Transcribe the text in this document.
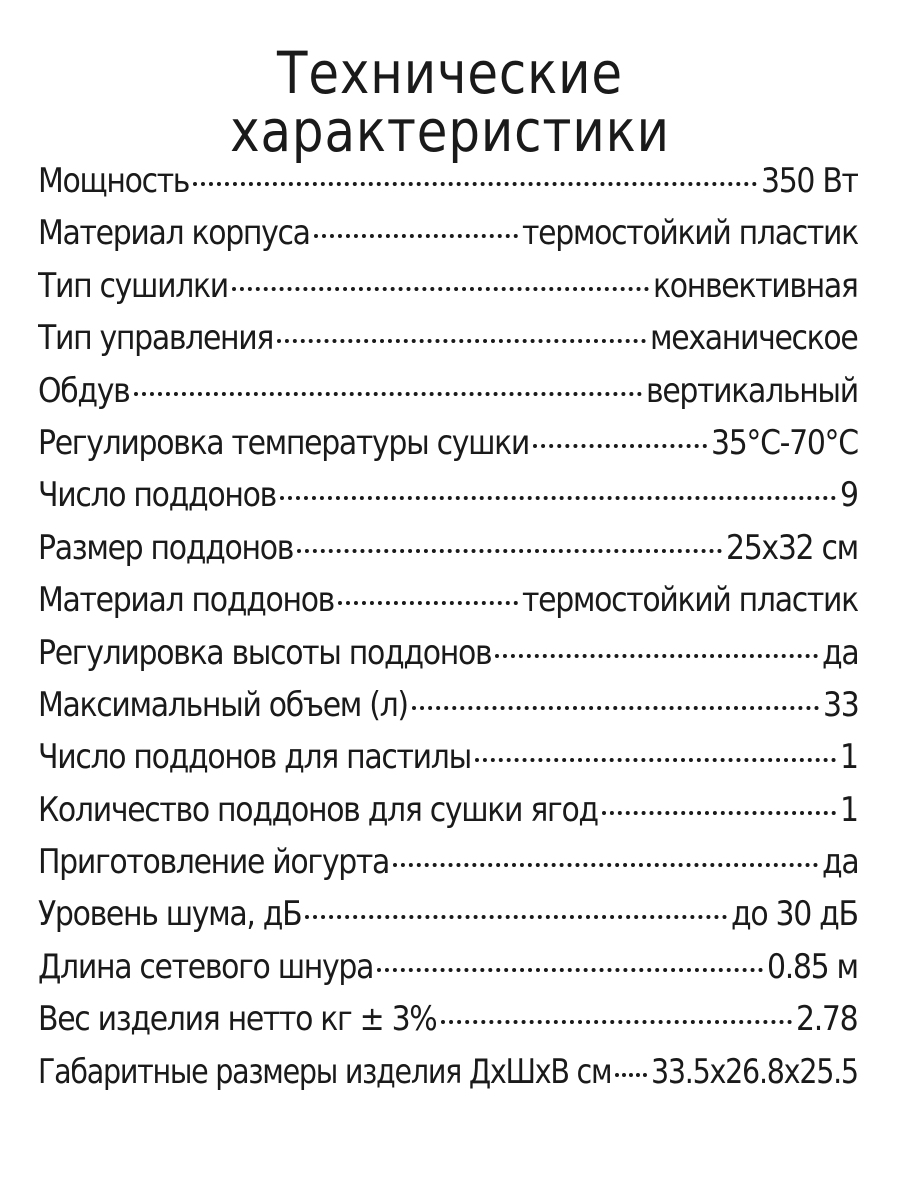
Технические характеристики
Мощность	350 Вт
Материал корпуса	термостойкий пластик
Тип сушилки	конвективная
Тип управления	механическое
Обдув	вертикальный
Регулировка температуры сушки	35°С-70°С
Число поддонов	9
Размер поддонов	25х32 см
Материал поддонов	термостойкий пластик
Регулировка высоты поддонов	да
Максимальный объем (л)	33
Число поддонов для пастилы	1
Количество поддонов для сушки ягод	1
Приготовление йогурта	да
Уровень шума, дБ	до 30 дБ
Длина сетевого шнура	0.85 м
Вес изделия нетто кг ± 3%	2.78
Габаритные размеры изделия ДхШхВ см 33.5x26.8x25.5
